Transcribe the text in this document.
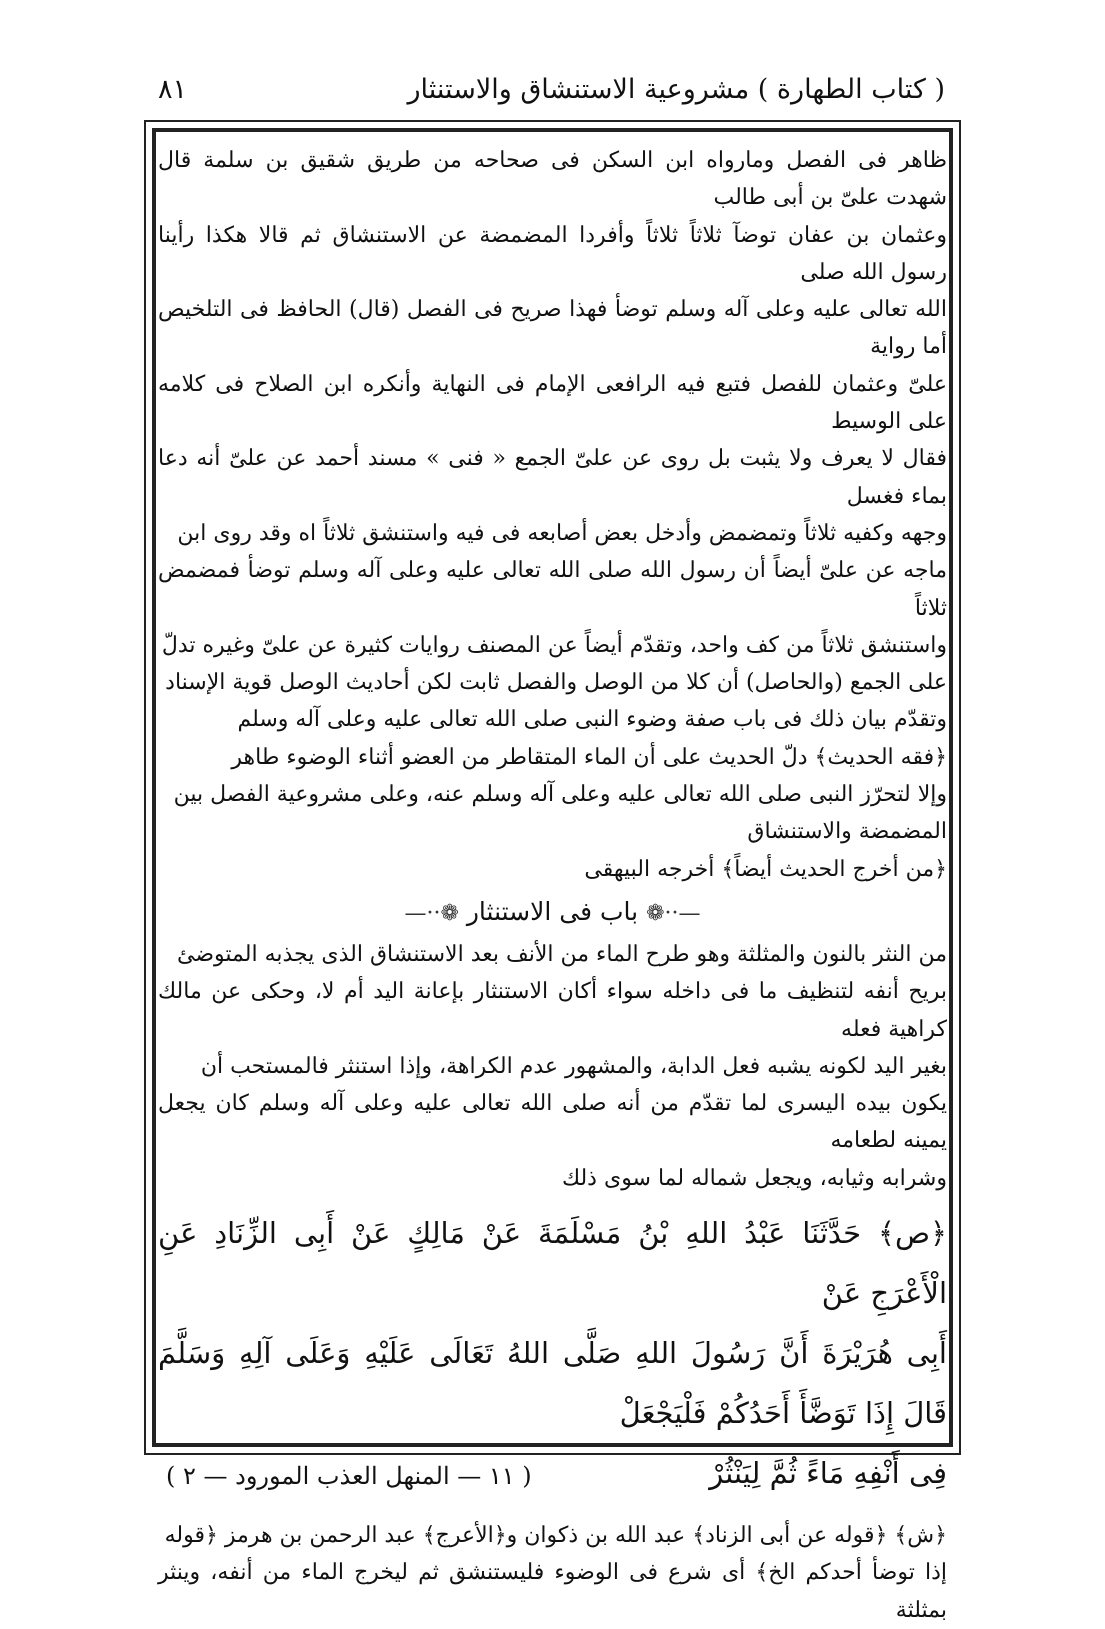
( كتاب الطهارة ) مشروعية الاستنشاق والاستنثار
٨١

ظاهر فى الفصل ومارواه ابن السكن فى صحاحه من طريق شقيق بن سلمة قال شهدت علىّ بن أبى طالب

وعثمان بن عفان توضآ ثلاثاً ثلاثاً وأفردا المضمضة عن الاستنشاق ثم قالا هكذا رأينا رسول الله صلى

الله تعالى عليه وعلى آله وسلم توضأ فهذا صريح فى الفصل (قال) الحافظ فى التلخيص أما رواية

علىّ وعثمان للفصل فتبع فيه الرافعى الإمام فى النهاية وأنكره ابن الصلاح فى كلامه على الوسيط

فقال لا يعرف ولا يثبت بل روى عن علىّ الجمع « فنى » مسند أحمد عن علىّ أنه دعا بماء فغسل

وجهه وكفيه ثلاثاً وتمضمض وأدخل بعض أصابعه فى فيه واستنشق ثلاثاً اه وقد روى ابن

ماجه عن علىّ أيضاً أن رسول الله صلى الله تعالى عليه وعلى آله وسلم توضأ فمضمض ثلاثاً

واستنشق ثلاثاً من كف واحد، وتقدّم أيضاً عن المصنف روايات كثيرة عن علىّ وغيره تدلّ

على الجمع (والحاصل) أن كلا من الوصل والفصل ثابت لكن أحاديث الوصل قوية الإسناد

وتقدّم بيان ذلك فى باب صفة وضوء النبى صلى الله تعالى عليه وعلى آله وسلم

﴿فقه الحديث﴾ دلّ الحديث على أن الماء المتقاطر من العضو أثناء الوضوء طاهر

وإلا لتحرّز النبى صلى الله تعالى عليه وعلى آله وسلم عنه، وعلى مشروعية الفصل بين

المضمضة والاستنشاق

﴿من أخرج الحديث أيضاً﴾ أخرجه البيهقى

—··❁ باب فى الاستنثار ❁··—

من النثر بالنون والمثلثة وهو طرح الماء من الأنف بعد الاستنشاق الذى يجذبه المتوضئ

بريح أنفه لتنظيف ما فى داخله سواء أكان الاستنثار بإعانة اليد أم لا، وحكى عن مالك كراهية فعله

بغير اليد لكونه يشبه فعل الدابة، والمشهور عدم الكراهة، وإذا استنثر فالمستحب أن

يكون بيده اليسرى لما تقدّم من أنه صلى الله تعالى عليه وعلى آله وسلم كان يجعل يمينه لطعامه

وشرابه وثيابه، ويجعل شماله لما سوى ذلك

﴿ص﴾ حَدَّثَنَا عَبْدُ اللهِ بْنُ مَسْلَمَةَ عَنْ مَالِكٍ عَنْ أَبِى الزِّنَادِ عَنِ الْأَعْرَجِ عَنْ

أَبِى هُرَيْرَةَ أَنَّ رَسُولَ اللهِ صَلَّى اللهُ تَعَالَى عَلَيْهِ وَعَلَى آلِهِ وَسَلَّمَ قَالَ إِذَا تَوَضَّأَ أَحَدُكُمْ فَلْيَجْعَلْ

فِى أَنْفِهِ مَاءً ثُمَّ لِيَنْثُرْ

﴿ش﴾ ﴿قوله عن أبى الزناد﴾ عبد الله بن ذكوان و﴿الأعرج﴾ عبد الرحمن بن هرمز ﴿قوله

إذا توضأ أحدكم الخ﴾ أى شرع فى الوضوء فليستنشق ثم ليخرج الماء من أنفه، وينثر بمثلثة

( ١١ — المنهل العذب المورود — ٢ )
